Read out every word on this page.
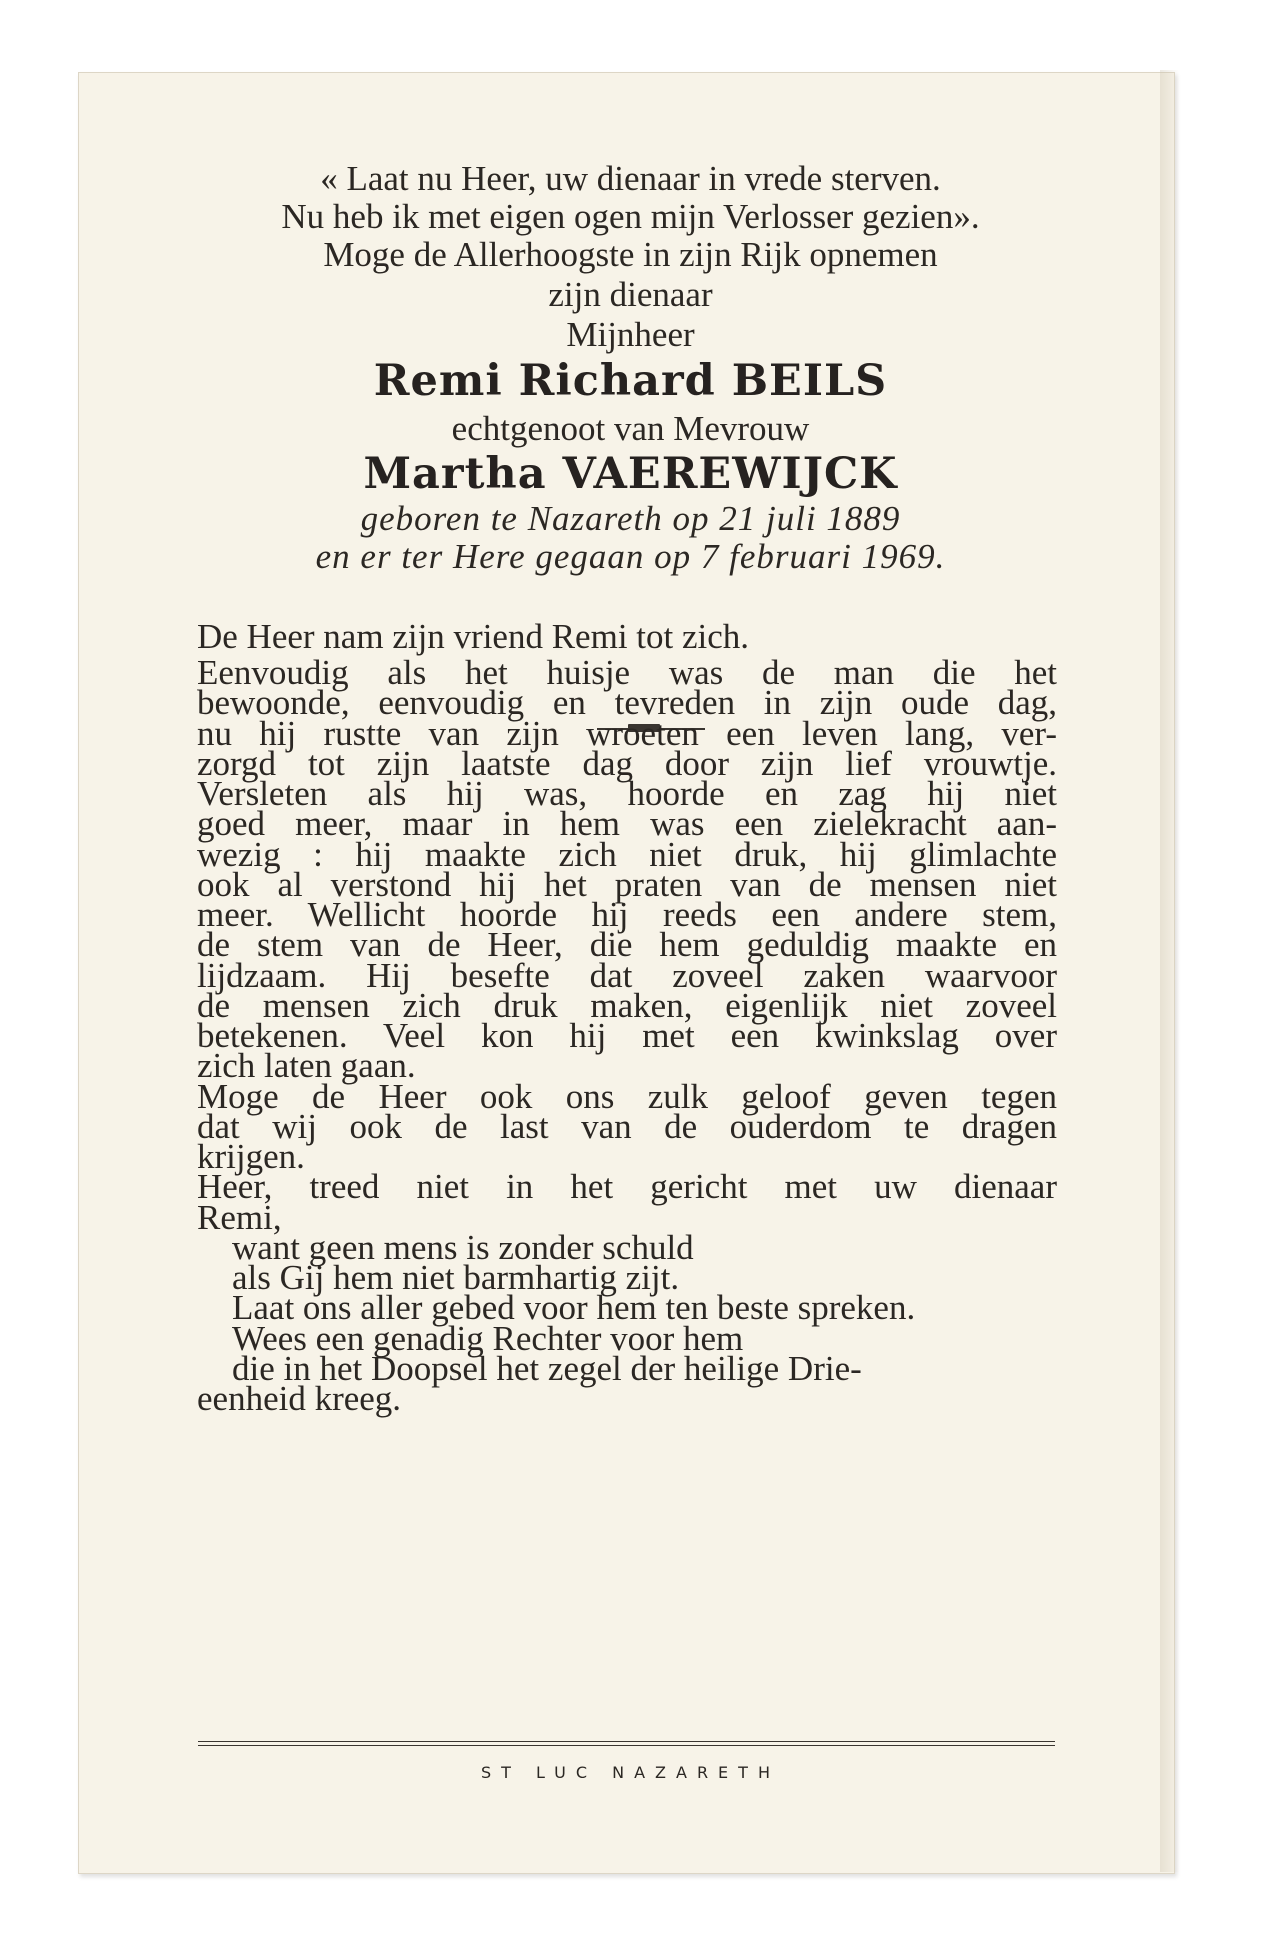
« Laat nu Heer, uw dienaar in vrede sterven.
Nu heb ik met eigen ogen mijn Verlosser gezien».
Moge de Allerhoogste in zijn Rijk opnemen
zijn dienaar
Mijnheer
Remi Richard BEILS
echtgenoot van Mevrouw
Martha VAEREWIJCK
geboren te Nazareth op 21 juli 1889
en er ter Here gegaan op 7 februari 1969.
De Heer nam zijn vriend Remi tot zich.
Eenvoudig als het huisje was de man die het
bewoonde, eenvoudig en tevreden in zijn oude dag,
nu hij rustte van zijn wroeten een leven lang, ver-
zorgd tot zijn laatste dag door zijn lief vrouwtje.
Versleten als hij was, hoorde en zag hij niet
goed meer, maar in hem was een zielekracht aan-
wezig : hij maakte zich niet druk, hij glimlachte
ook al verstond hij het praten van de mensen niet
meer. Wellicht hoorde hij reeds een andere stem,
de stem van de Heer, die hem geduldig maakte en
lijdzaam. Hij besefte dat zoveel zaken waarvoor
de mensen zich druk maken, eigenlijk niet zoveel
betekenen. Veel kon hij met een kwinkslag over
zich laten gaan.
Moge de Heer ook ons zulk geloof geven tegen
dat wij ook de last van de ouderdom te dragen
krijgen.
Heer, treed niet in het gericht met uw dienaar
Remi,
want geen mens is zonder schuld
als Gij hem niet barmhartig zijt.
Laat ons aller gebed voor hem ten beste spreken.
Wees een genadig Rechter voor hem
die in het Doopsel het zegel der heilige Drie-
eenheid kreeg.
ST LUC NAZARETH
